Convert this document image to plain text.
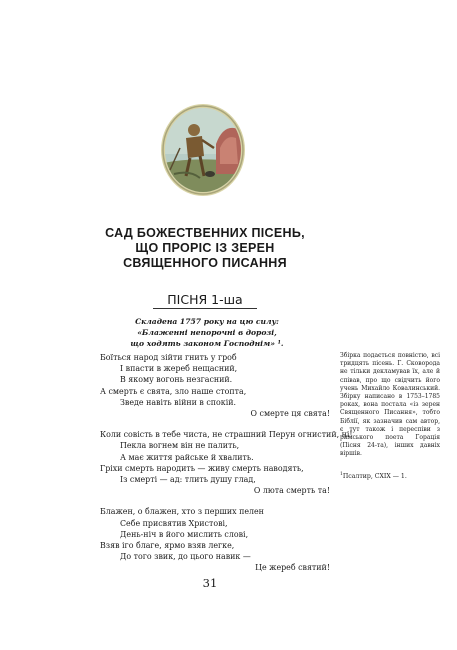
САД БОЖЕСТВЕННИХ ПІСЕНЬ,
ЩО ПРОРІС ІЗ ЗЕРЕН
СВЯЩЕННОГО ПИСАННЯ
ПІСНЯ 1-ша
Складена 1757 року на цю силу:
«Блаженні непорочні в дорозі,
що ходять законом Господнім» ¹.
Боїться народ зійти гнить у гроб
І впасти в жереб нещасний,
В якому вогонь незгасний.
А смерть є свята, зло наше стопта,
Зведе навіть війни в спокій.
О смерте ця свята!
Коли совість в тебе чиста, не страшний Перун огнистий, ні!
Пекла вогнем він не палить,
А має життя райське й хвалить.
Гріхи смерть народить — живу смерть наводять,
Із смерті — ад: тлить душу глад,
О люта смерть та!
Блажен, о блажен, хто з перших пелен
Себе присвятив Христові,
День-ніч в його мислить слові,
Взяв іго благе, ярмо взяв легке,
До того звик, до цього навик —
Це жереб святий!
Збірка подається повністю, всі тридцять пісень. Г. Сковорода не тільки декламував їх, але й співав, про що свідчить його учень Михайло Ковалинський. Збірку написано в 1753–1785 роках, вона постала «із зерен Священного Писання», тобто Біблії, як зазначив сам автор, є тут також і переспіви з римського поета Горація (Пісня 24-та), інших давніх віршів.
$^1$Псалтир, CXIX — 1.
31
